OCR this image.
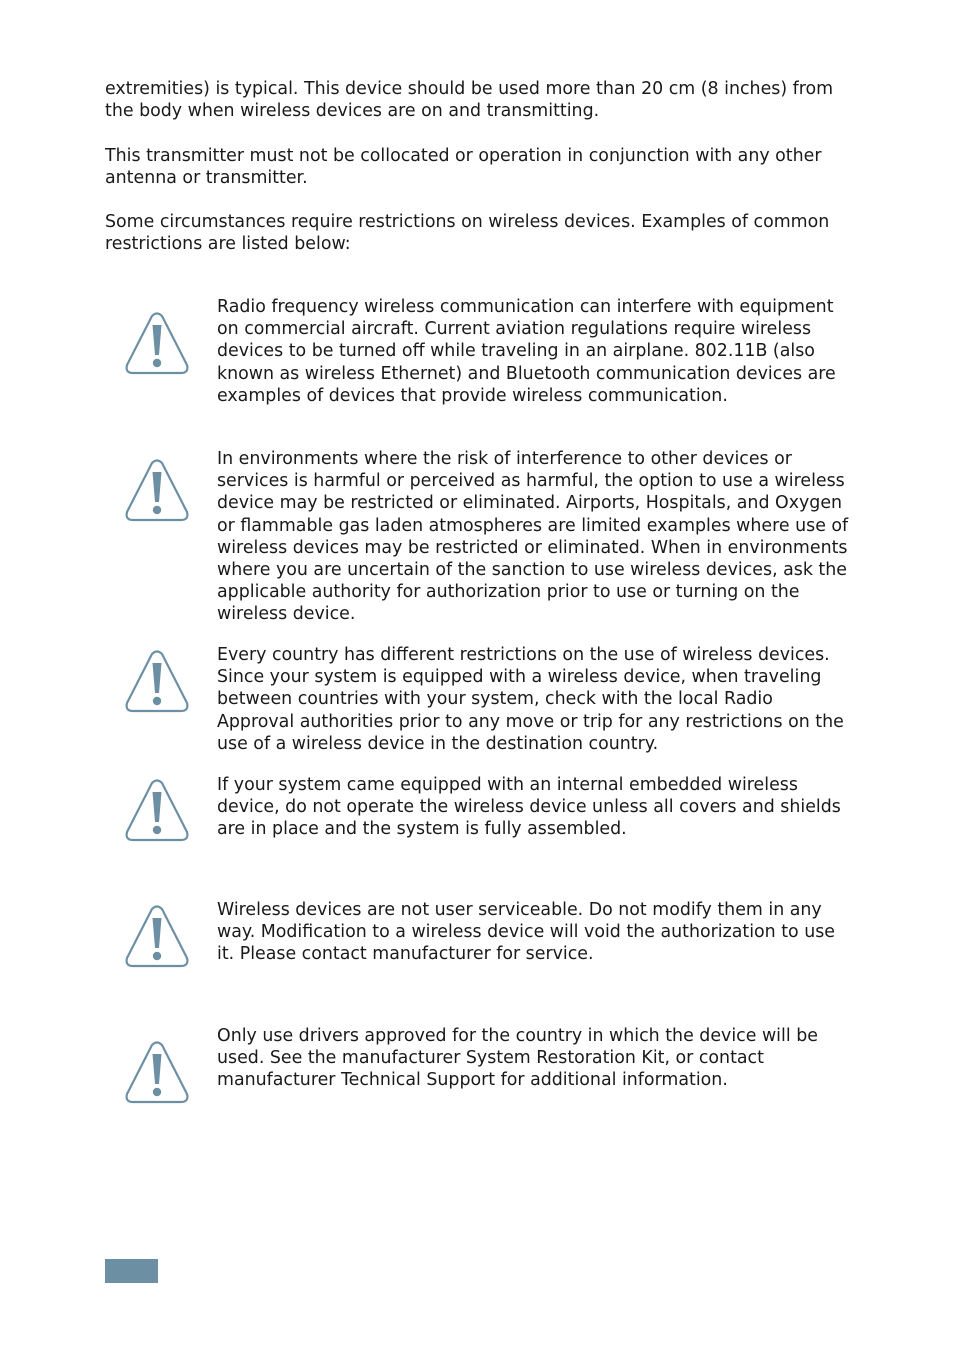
extremities) is typical. This device should be used more than 20 cm (8 inches) from the body when wireless devices are on and transmitting.

This transmitter must not be collocated or operation in conjunction with any other antenna or transmitter.

Some circumstances require restrictions on wireless devices. Examples of common restrictions are listed below:

Radio frequency wireless communication can interfere with equipment on commercial aircraft. Current aviation regulations require wireless devices to be turned off while traveling in an airplane. 802.11B (also known as wireless Ethernet) and Bluetooth communication devices are examples of devices that provide wireless communication.

In environments where the risk of interference to other devices or services is harmful or perceived as harmful, the option to use a wireless device may be restricted or eliminated. Airports, Hospitals, and Oxygen or flammable gas laden atmospheres are limited examples where use of wireless devices may be restricted or eliminated. When in environments where you are uncertain of the sanction to use wireless devices, ask the applicable authority for authorization prior to use or turning on the wireless device.

Every country has different restrictions on the use of wireless devices. Since your system is equipped with a wireless device, when traveling between countries with your system, check with the local Radio Approval authorities prior to any move or trip for any restrictions on the use of a wireless device in the destination country.

If your system came equipped with an internal embedded wireless device, do not operate the wireless device unless all covers and shields are in place and the system is fully assembled.

Wireless devices are not user serviceable. Do not modify them in any way. Modification to a wireless device will void the authorization to use it. Please contact manufacturer for service.

Only use drivers approved for the country in which the device will be used. See the manufacturer System Restoration Kit, or contact manufacturer Technical Support for additional information.
